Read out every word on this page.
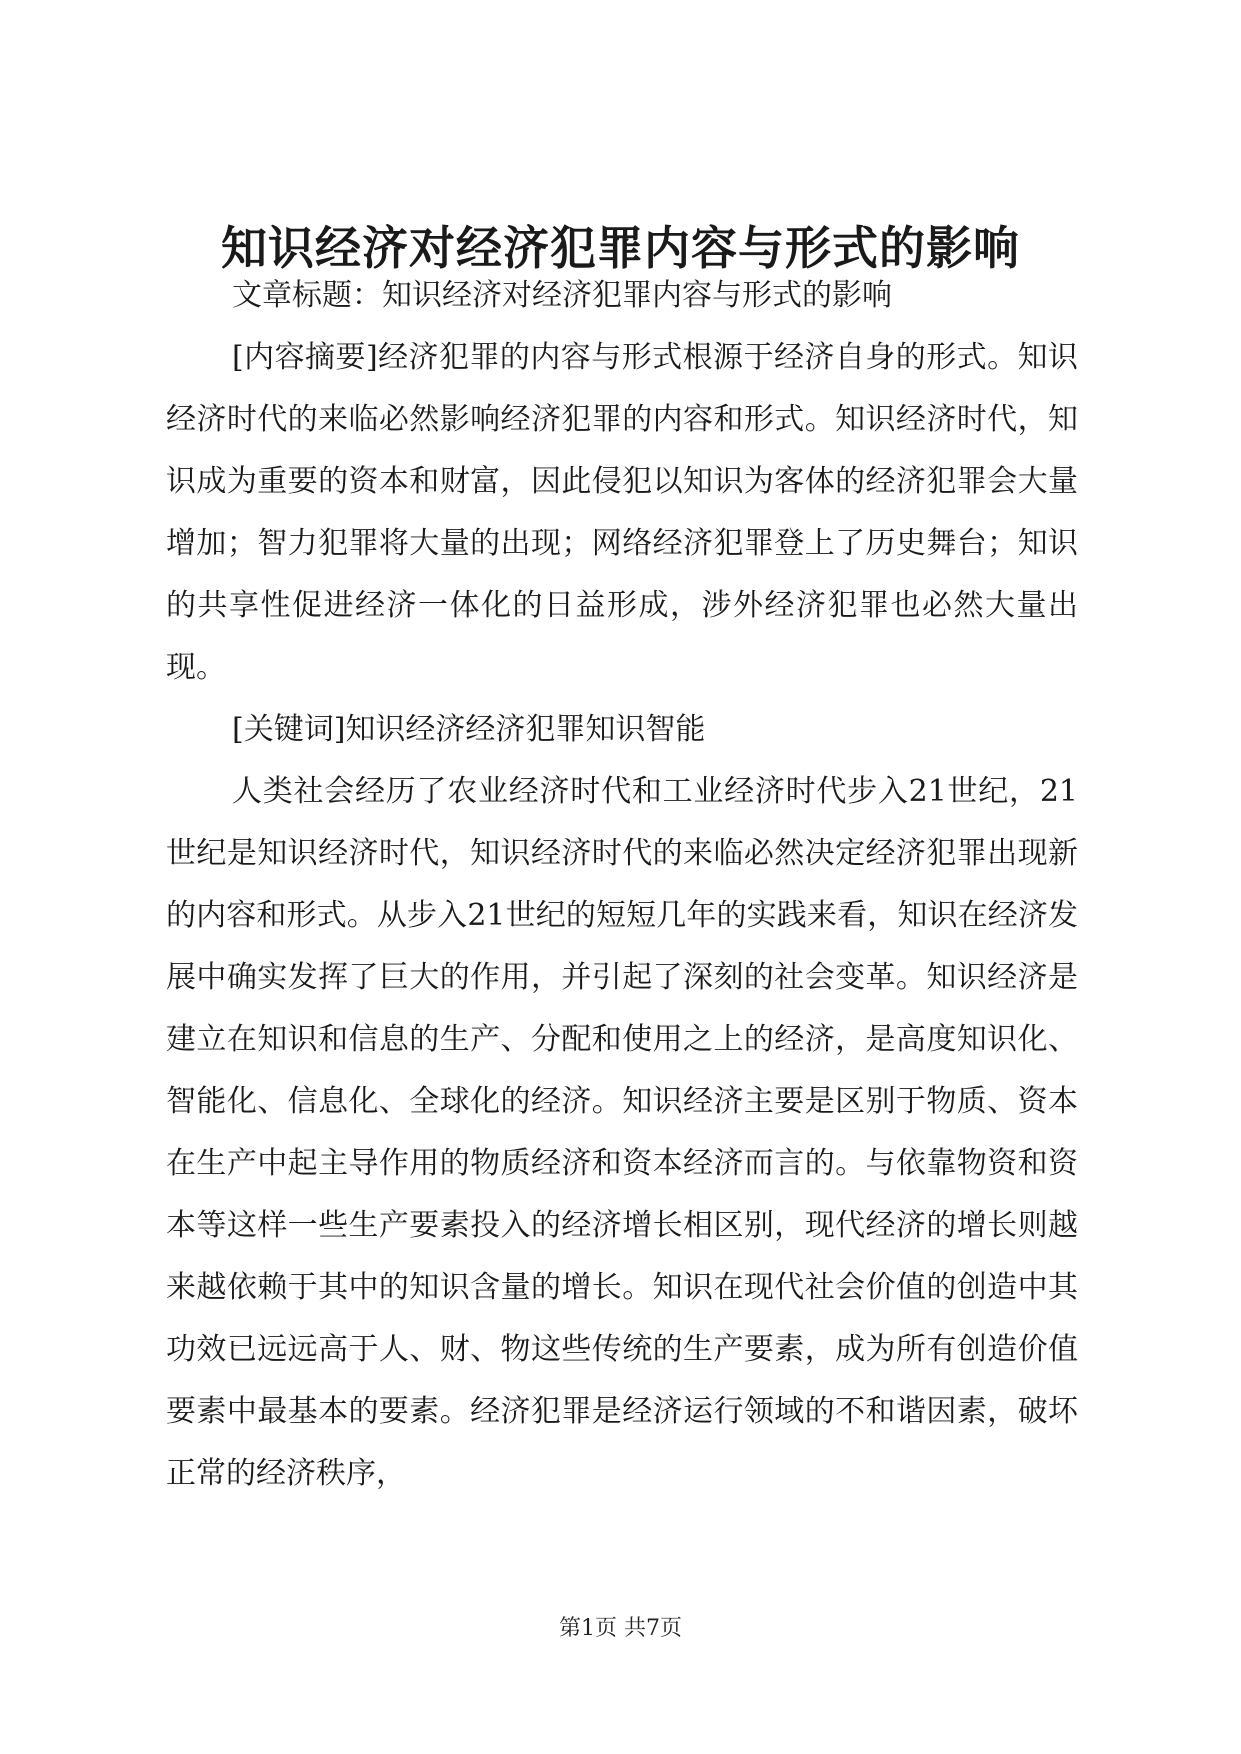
知识经济对经济犯罪内容与形式的影响

文章标题：知识经济对经济犯罪内容与形式的影响

[内容摘要]经济犯罪的内容与形式根源于经济自身的形式。知识经济时代的来临必然影响经济犯罪的内容和形式。知识经济时代，知识成为重要的资本和财富，因此侵犯以知识为客体的经济犯罪会大量增加；智力犯罪将大量的出现；网络经济犯罪登上了历史舞台；知识的共享性促进经济一体化的日益形成，涉外经济犯罪也必然大量出现。

[关键词]知识经济经济犯罪知识智能

人类社会经历了农业经济时代和工业经济时代步入21世纪，21世纪是知识经济时代，知识经济时代的来临必然决定经济犯罪出现新的内容和形式。从步入21世纪的短短几年的实践来看，知识在经济发展中确实发挥了巨大的作用，并引起了深刻的社会变革。知识经济是建立在知识和信息的生产、分配和使用之上的经济，是高度知识化、智能化、信息化、全球化的经济。知识经济主要是区别于物质、资本在生产中起主导作用的物质经济和资本经济而言的。与依靠物资和资本等这样一些生产要素投入的经济增长相区别，现代经济的增长则越来越依赖于其中的知识含量的增长。知识在现代社会价值的创造中其功效已远远高于人、财、物这些传统的生产要素，成为所有创造价值要素中最基本的要素。经济犯罪是经济运行领域的不和谐因素，破坏正常的经济秩序，

第1页 共7页
